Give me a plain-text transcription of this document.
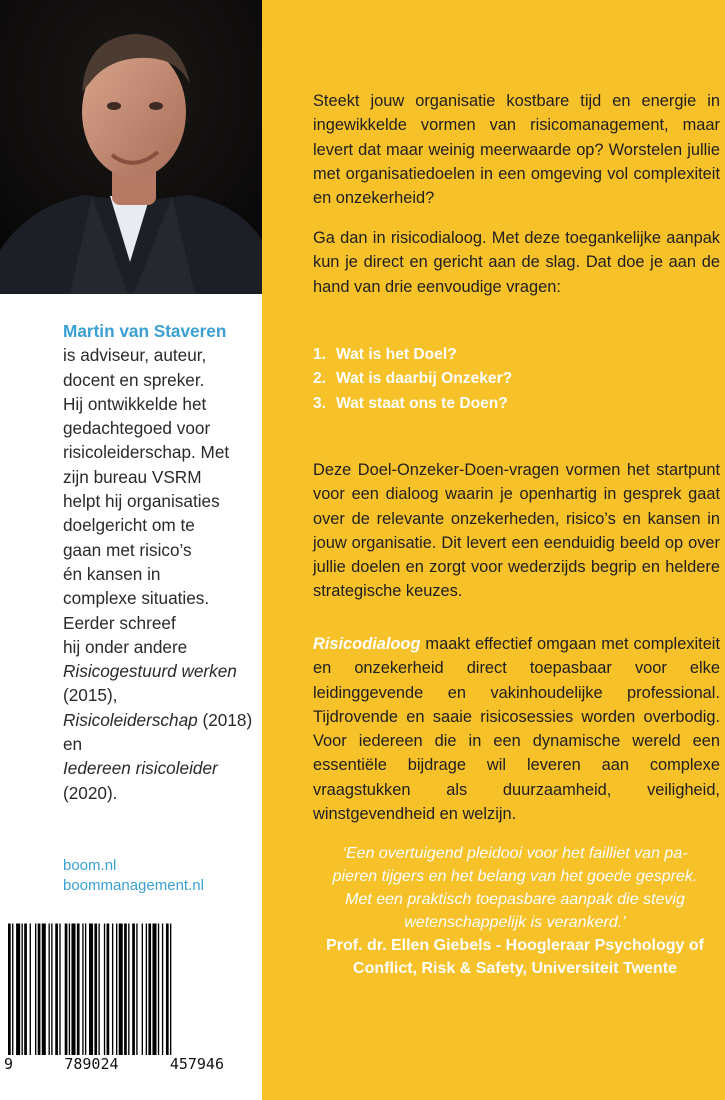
Martin van Staveren
is adviseur, auteur,
docent en spreker.
Hij ontwikkelde het
gedachtegoed voor
risicoleiderschap. Met
zijn bureau VSRM
helpt hij organisaties
doelgericht om te
gaan met risico’s
én kansen in
complexe situaties.
Eerder schreef
hij onder andere
Risicogestuurd werken (2015),
Risicoleiderschap (2018) en
Iedereen risicoleider (2020).
boom.nl
boommanagement.nl
9	789024	457946
Steekt jouw organisatie kostbare tijd en energie in ingewikkelde vormen van risicomanagement, maar levert dat maar weinig meerwaarde op? Worstelen jullie met organisatiedoelen in een omgeving vol complexiteit en onzekerheid?
Ga dan in risicodialoog. Met deze toegankelijke aanpak kun je direct en gericht aan de slag. Dat doe je aan de hand van drie eenvoudige vragen:
1. Wat is het Doel?
2. Wat is daarbij Onzeker?
3. Wat staat ons te Doen?
Deze Doel-Onzeker-Doen-vragen vormen het startpunt voor een dialoog waarin je openhartig in gesprek gaat over de relevante onzekerheden, risico’s en kansen in jouw organisatie. Dit levert een eenduidig beeld op over jullie doelen en zorgt voor wederzijds begrip en heldere strategische keuzes.
Risicodialoog maakt effectief omgaan met complexiteit en onzekerheid direct toepasbaar voor elke leidinggevende en vakinhoudelijke professional. Tijdrovende en saaie risicosessies worden overbodig. Voor iedereen die in een dynamische wereld een essentiële bijdrage wil leveren aan complexe vraagstukken als duurzaamheid, veiligheid, winstgevendheid en welzijn.
‘Een overtuigend pleidooi voor het failliet van pa-
pieren tijgers en het belang van het goede gesprek.
Met een praktisch toepasbare aanpak die stevig
wetenschappelijk is verankerd.’
Prof. dr. Ellen Giebels - Hoogleraar Psychology of
Conflict, Risk & Safety, Universiteit Twente
